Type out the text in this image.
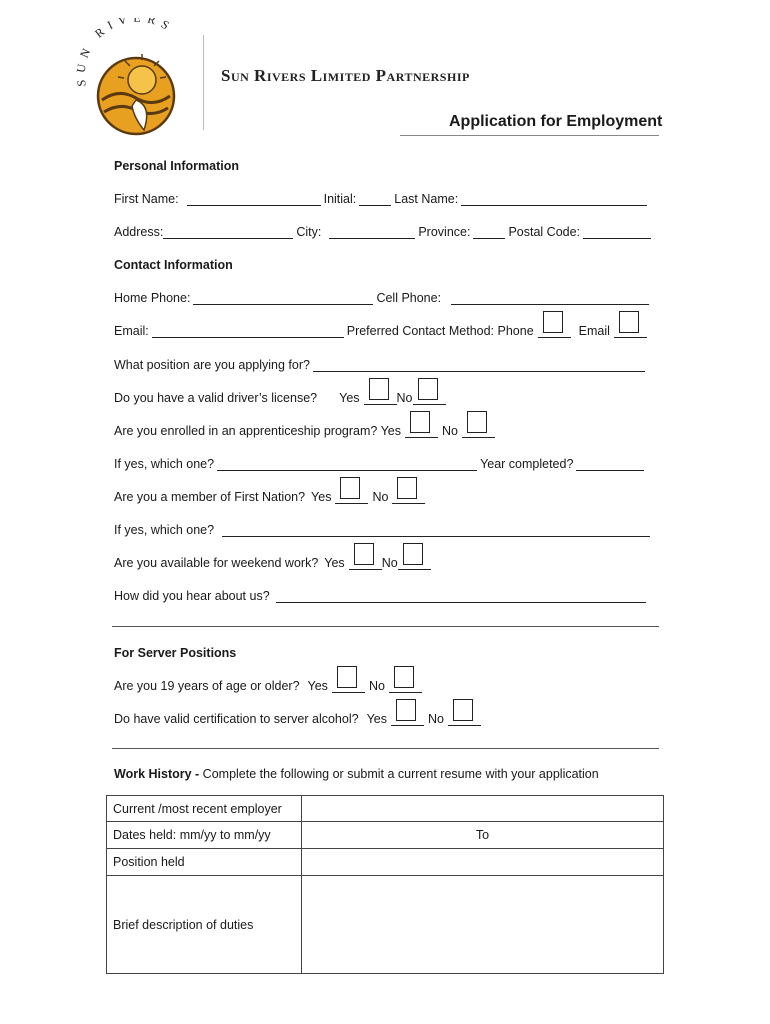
SUN RIV RS
Sun Rivers Limited Partnership
Application for Employment
Personal Information
First Name:	Initial:	Last Name:
Address:	City:	Province:	Postal Code:
Contact Information
Home Phone:	Cell Phone:
Email:	Preferred Contact Method: Phone	Email
What position are you applying for?
Do you have a valid driver’s license? Yes	No
Are you enrolled in an apprenticeship program? Yes	No
If yes, which one?	Year completed?
Are you a member of First Nation? Yes	No
If yes, which one?
Are you available for weekend work? Yes	No
How did you hear about us?
For Server Positions
Are you 19 years of age or older? Yes	No
Do have valid certification to server alcohol? Yes	No
Work History - Complete the following or submit a current resume with your application
Current /most recent employer	
Dates held: mm/yy to mm/yy	To
Position held	
Brief description of duties	
